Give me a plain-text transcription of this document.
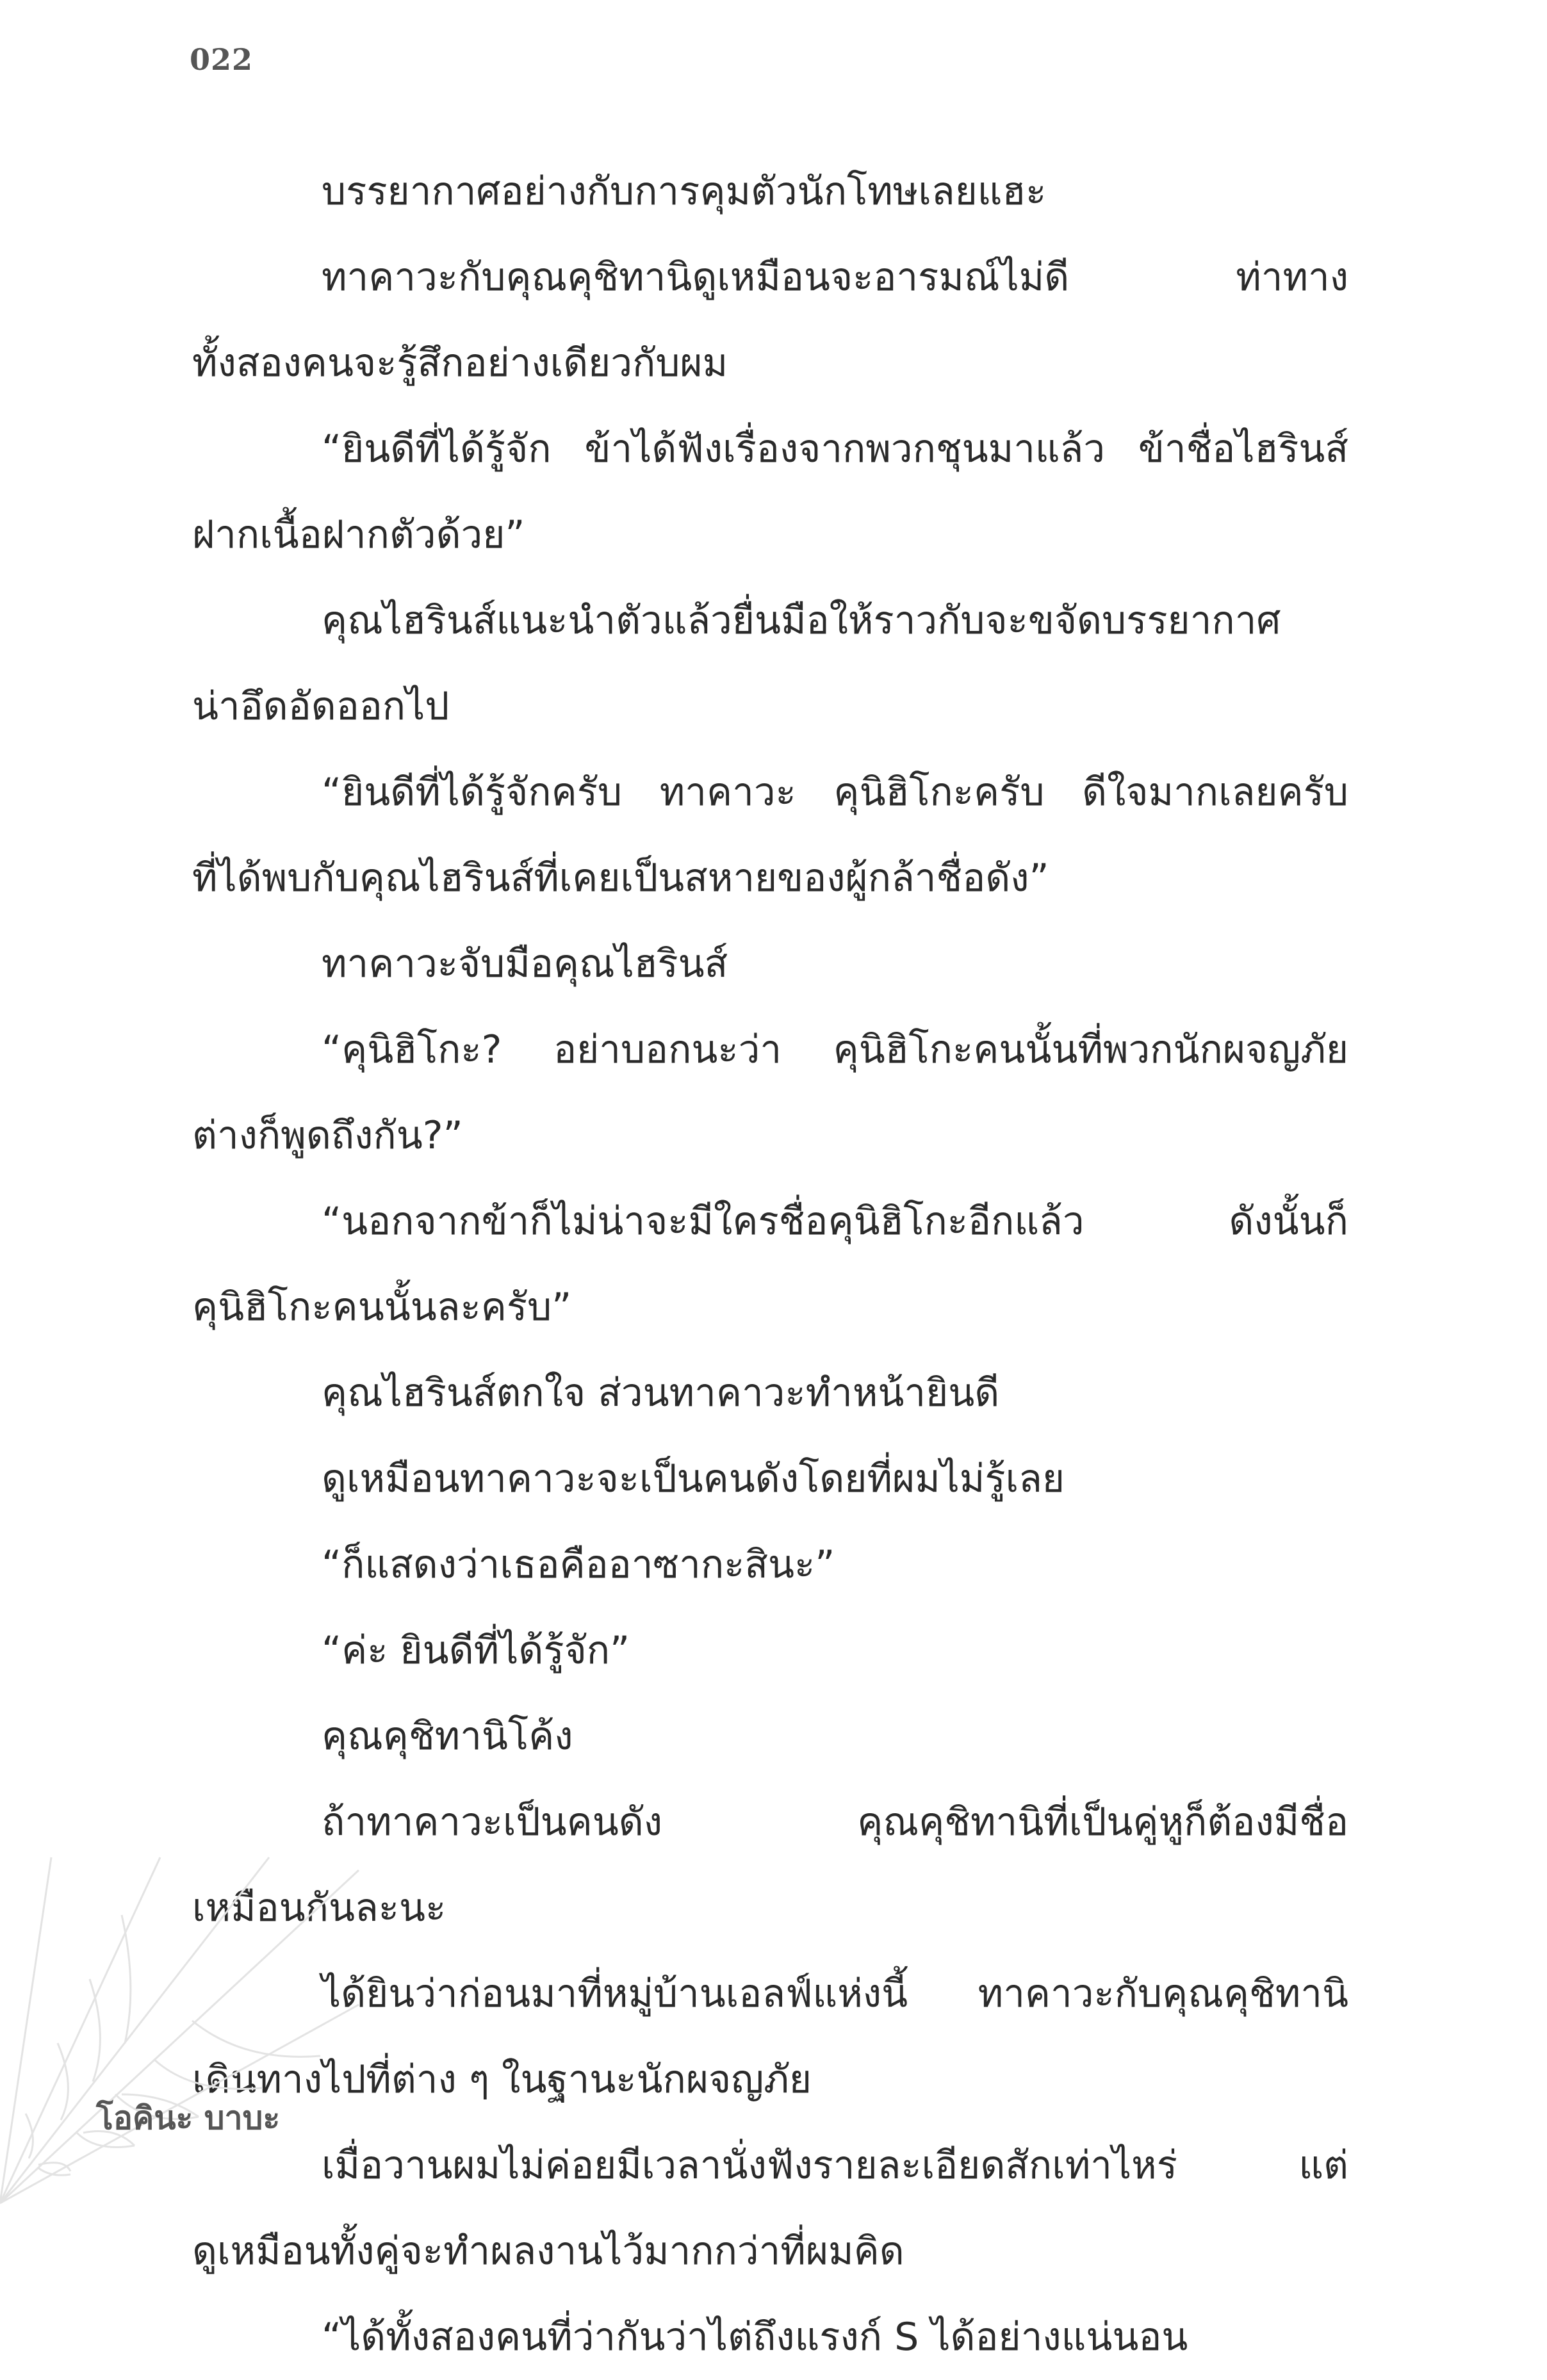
022
บรรยากาศอย่างกับการคุมตัวนักโทษเลยแฮะ
ทาคาวะกับคุณคุชิทานิดูเหมือนจะอารมณ์ไม่ดี ท่าทาง
ทั้งสองคนจะรู้สึกอย่างเดียวกับผม
“ยินดีที่ได้รู้จัก ข้าได้ฟังเรื่องจากพวกชุนมาแล้ว ข้าชื่อไฮรินส์
ฝากเนื้อฝากตัวด้วย”
คุณไฮรินส์แนะนำตัวแล้วยื่นมือให้ราวกับจะขจัดบรรยากาศ
น่าอึดอัดออกไป
“ยินดีที่ได้รู้จักครับ ทาคาวะ คุนิฮิโกะครับ ดีใจมากเลยครับ
ที่ได้พบกับคุณไฮรินส์ที่เคยเป็นสหายของผู้กล้าชื่อดัง”
ทาคาวะจับมือคุณไฮรินส์
“คุนิฮิโกะ? อย่าบอกนะว่า คุนิฮิโกะคนนั้นที่พวกนักผจญภัย
ต่างก็พูดถึงกัน?”
“นอกจากข้าก็ไม่น่าจะมีใครชื่อคุนิฮิโกะอีกแล้ว ดังนั้นก็
คุนิฮิโกะคนนั้นละครับ”
คุณไฮรินส์ตกใจ ส่วนทาคาวะทำหน้ายินดี
ดูเหมือนทาคาวะจะเป็นคนดังโดยที่ผมไม่รู้เลย
“ก็แสดงว่าเธอคืออาซากะสินะ”
“ค่ะ ยินดีที่ได้รู้จัก”
คุณคุชิทานิโค้ง
ถ้าทาคาวะเป็นคนดัง คุณคุชิทานิที่เป็นคู่หูก็ต้องมีชื่อ
เหมือนกันละนะ
ได้ยินว่าก่อนมาที่หมู่บ้านเอลฟ์แห่งนี้ ทาคาวะกับคุณคุชิทานิ
เดินทางไปที่ต่าง ๆ ในฐานะนักผจญภัย
เมื่อวานผมไม่ค่อยมีเวลานั่งฟังรายละเอียดสักเท่าไหร่ แต่
ดูเหมือนทั้งคู่จะทำผลงานไว้มากกว่าที่ผมคิด
“ได้ทั้งสองคนที่ว่ากันว่าไต่ถึงแรงก์ S ได้อย่างแน่นอน
โอคินะ บาบะ
